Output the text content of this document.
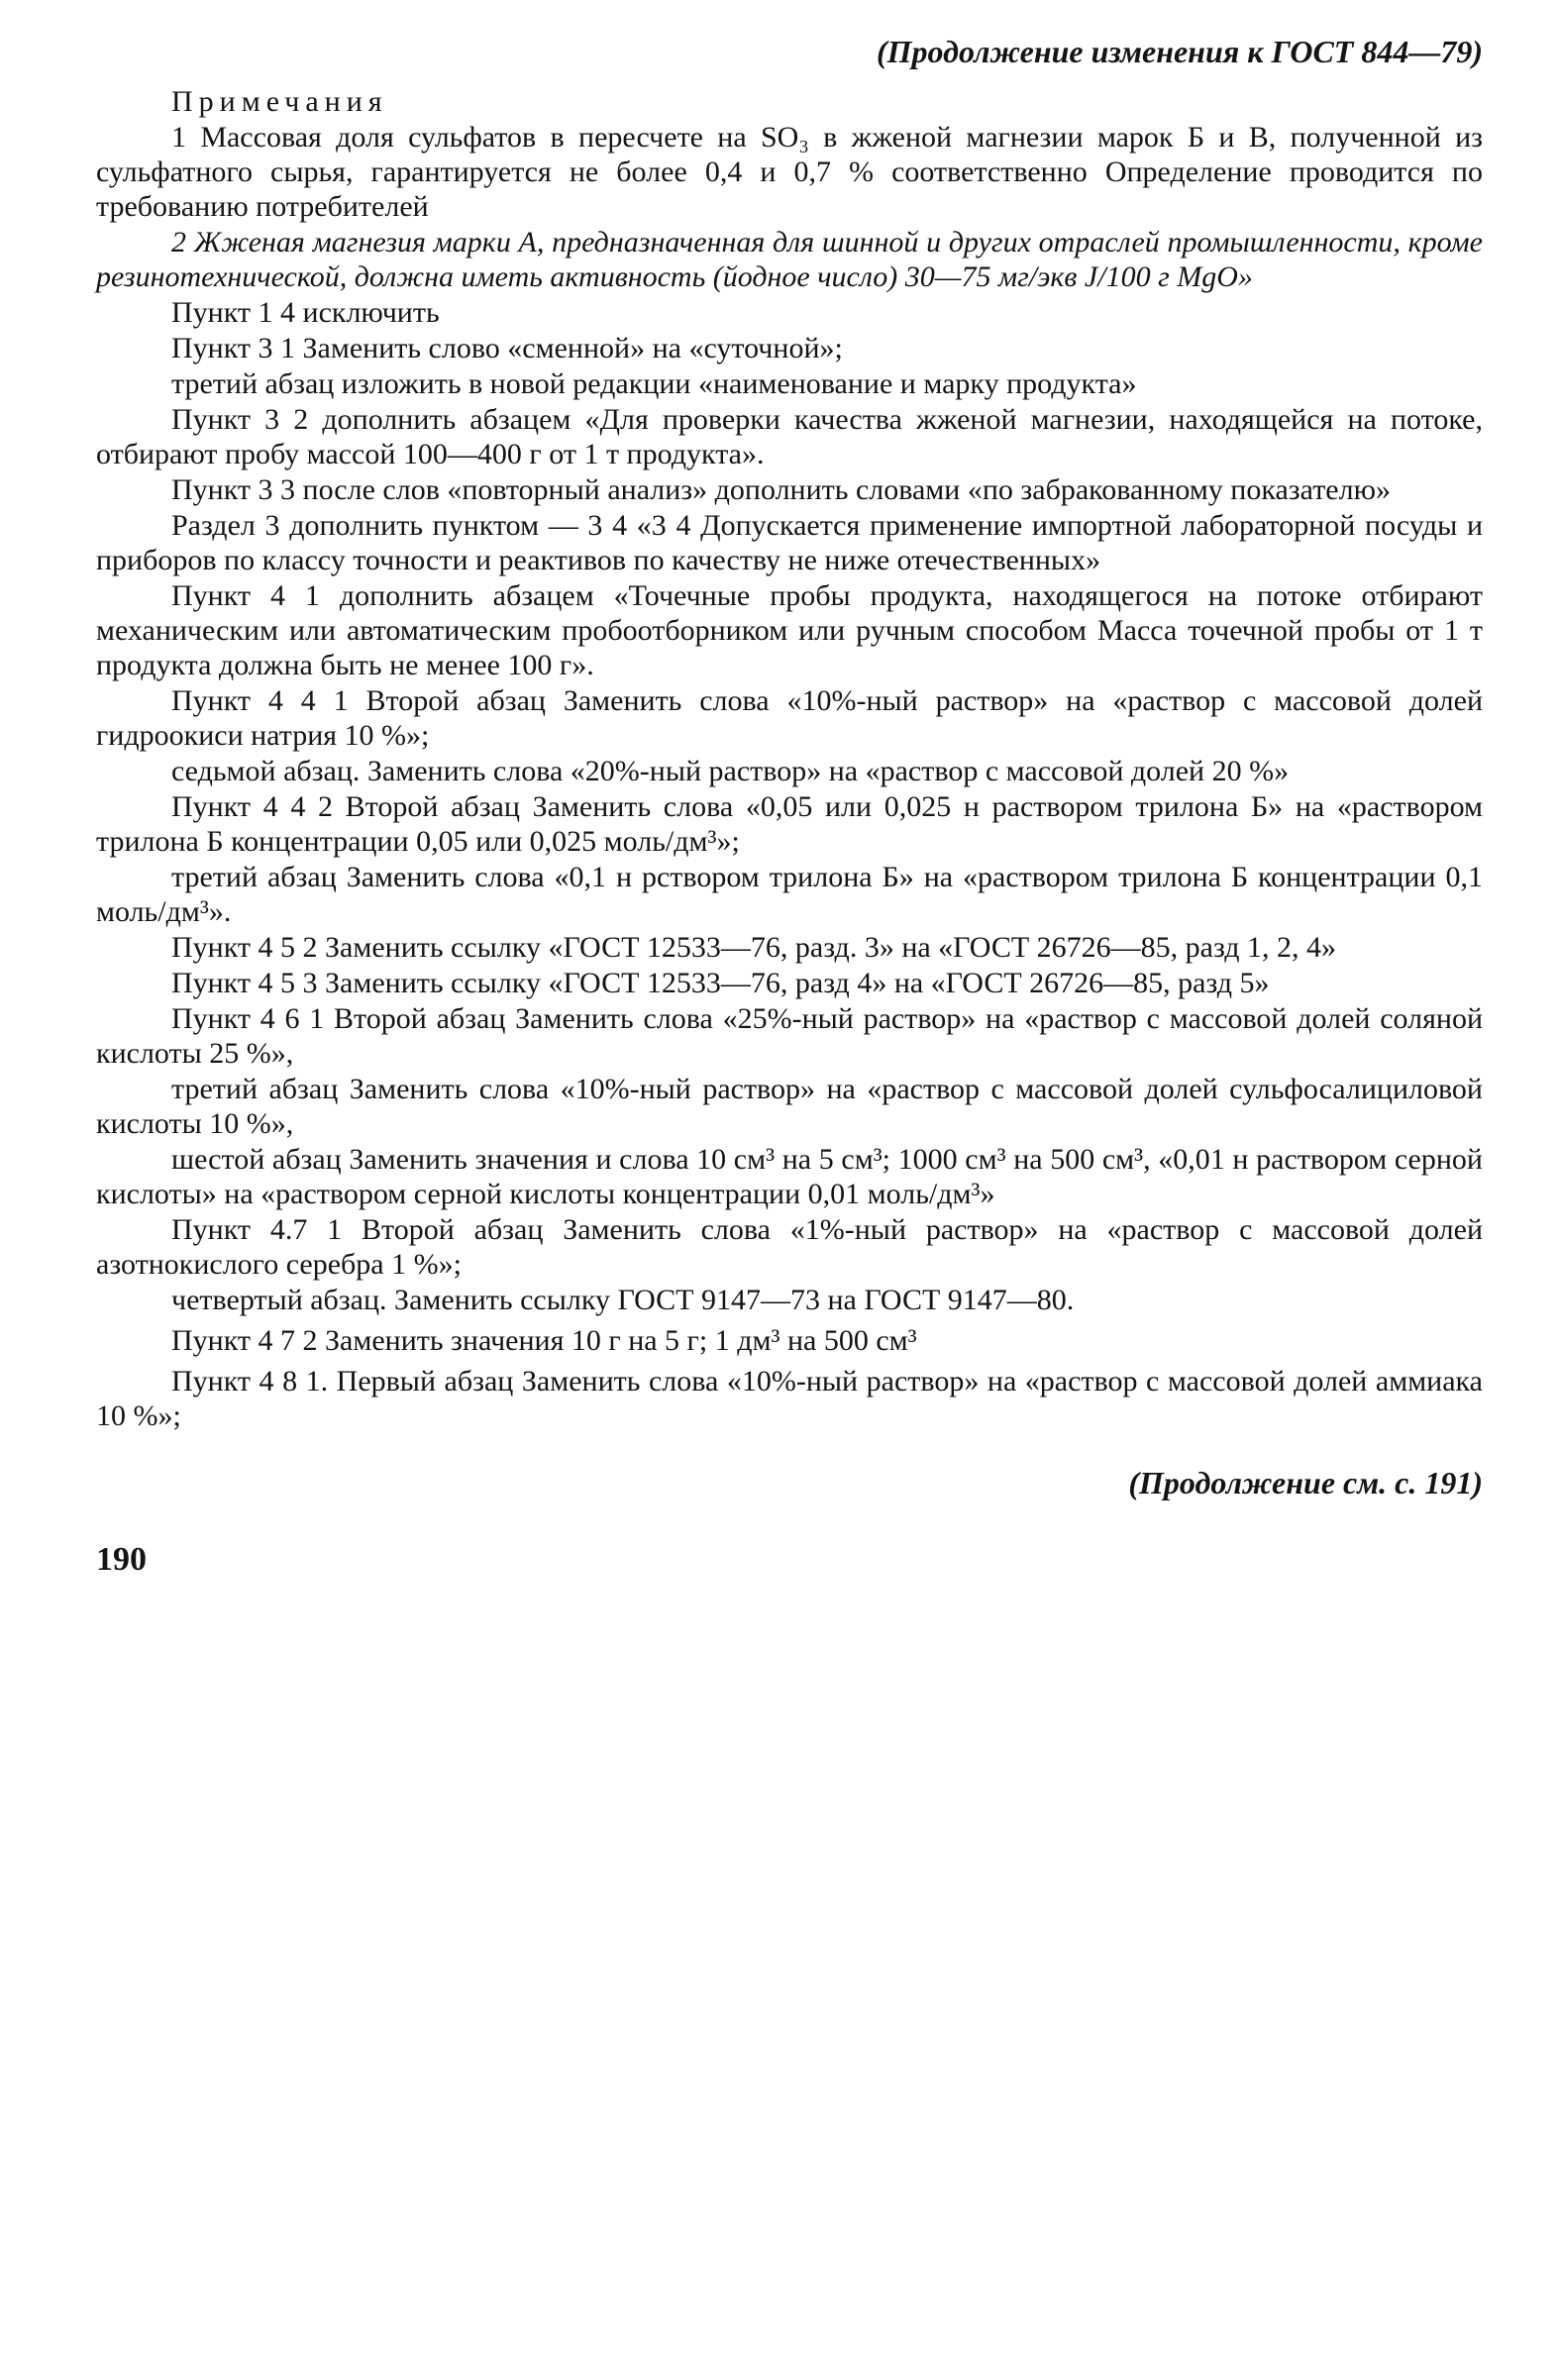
(Продолжение изменения к ГОСТ 844—79)
Примечания
1 Массовая доля сульфатов в пересчете на SO₃ в жженой магнезии марок Б и В, полученной из сульфатного сырья, гарантируется не более 0,4 и 0,7 % соответственно Определение проводится по требованию потребителей
2 Жженая магнезия марки А, предназначенная для шинной и других отраслей промышленности, кроме резинотехнической, должна иметь активность (йодное число) 30—75 мг/экв J/100 г MgO»
Пункт 1 4 исключить
Пункт 3 1 Заменить слово «сменной» на «суточной»;
третий абзац изложить в новой редакции «наименование и марку продукта»
Пункт 3 2 дополнить абзацем «Для проверки качества жженой магнезии, находящейся на потоке, отбирают пробу массой 100—400 г от 1 т продукта».
Пункт 3 3 после слов «повторный анализ» дополнить словами «по забракованному показателю»
Раздел 3 дополнить пунктом — 3 4 «3 4 Допускается применение импортной лабораторной посуды и приборов по классу точности и реактивов по качеству не ниже отечественных»
Пункт 4 1 дополнить абзацем «Точечные пробы продукта, находящегося на потоке отбирают механическим или автоматическим пробоотборником или ручным способом Масса точечной пробы от 1 т продукта должна быть не менее 100 г».
Пункт 4 4 1 Второй абзац Заменить слова «10%-ный раствор» на «раствор с массовой долей гидроокиси натрия 10 %»;
седьмой абзац. Заменить слова «20%-ный раствор» на «раствор с массовой долей 20 %»
Пункт 4 4 2 Второй абзац Заменить слова «0,05 или 0,025 н раствором трилона Б» на «раствором трилона Б концентрации 0,05 или 0,025 моль/дм³»;
третий абзац Заменить слова «0,1 н рствором трилона Б» на «раствором трилона Б концентрации 0,1 моль/дм³».
Пункт 4 5 2 Заменить ссылку «ГОСТ 12533—76, разд. 3» на «ГОСТ 26726—85, разд 1, 2, 4»
Пункт 4 5 3 Заменить ссылку «ГОСТ 12533—76, разд 4» на «ГОСТ 26726—85, разд 5»
Пункт 4 6 1 Второй абзац Заменить слова «25%-ный раствор» на «раствор с массовой долей соляной кислоты 25 %»,
третий абзац Заменить слова «10%-ный раствор» на «раствор с массовой долей сульфосалициловой кислоты 10 %»,
шестой абзац Заменить значения и слова 10 см³ на 5 см³; 1000 см³ на 500 см³, «0,01 н раствором серной кислоты» на «раствором серной кислоты концентрации 0,01 моль/дм³»
Пункт 4.7 1 Второй абзац Заменить слова «1%-ный раствор» на «раствор с массовой долей азотнокислого серебра 1 %»;
четвертый абзац. Заменить ссылку ГОСТ 9147—73 на ГОСТ 9147—80.
Пункт 4 7 2 Заменить значения 10 г на 5 г; 1 дм³ на 500 см³
Пункт 4 8 1. Первый абзац Заменить слова «10%-ный раствор» на «раствор с массовой долей аммиака 10 %»;
(Продолжение см. с. 191)
190
